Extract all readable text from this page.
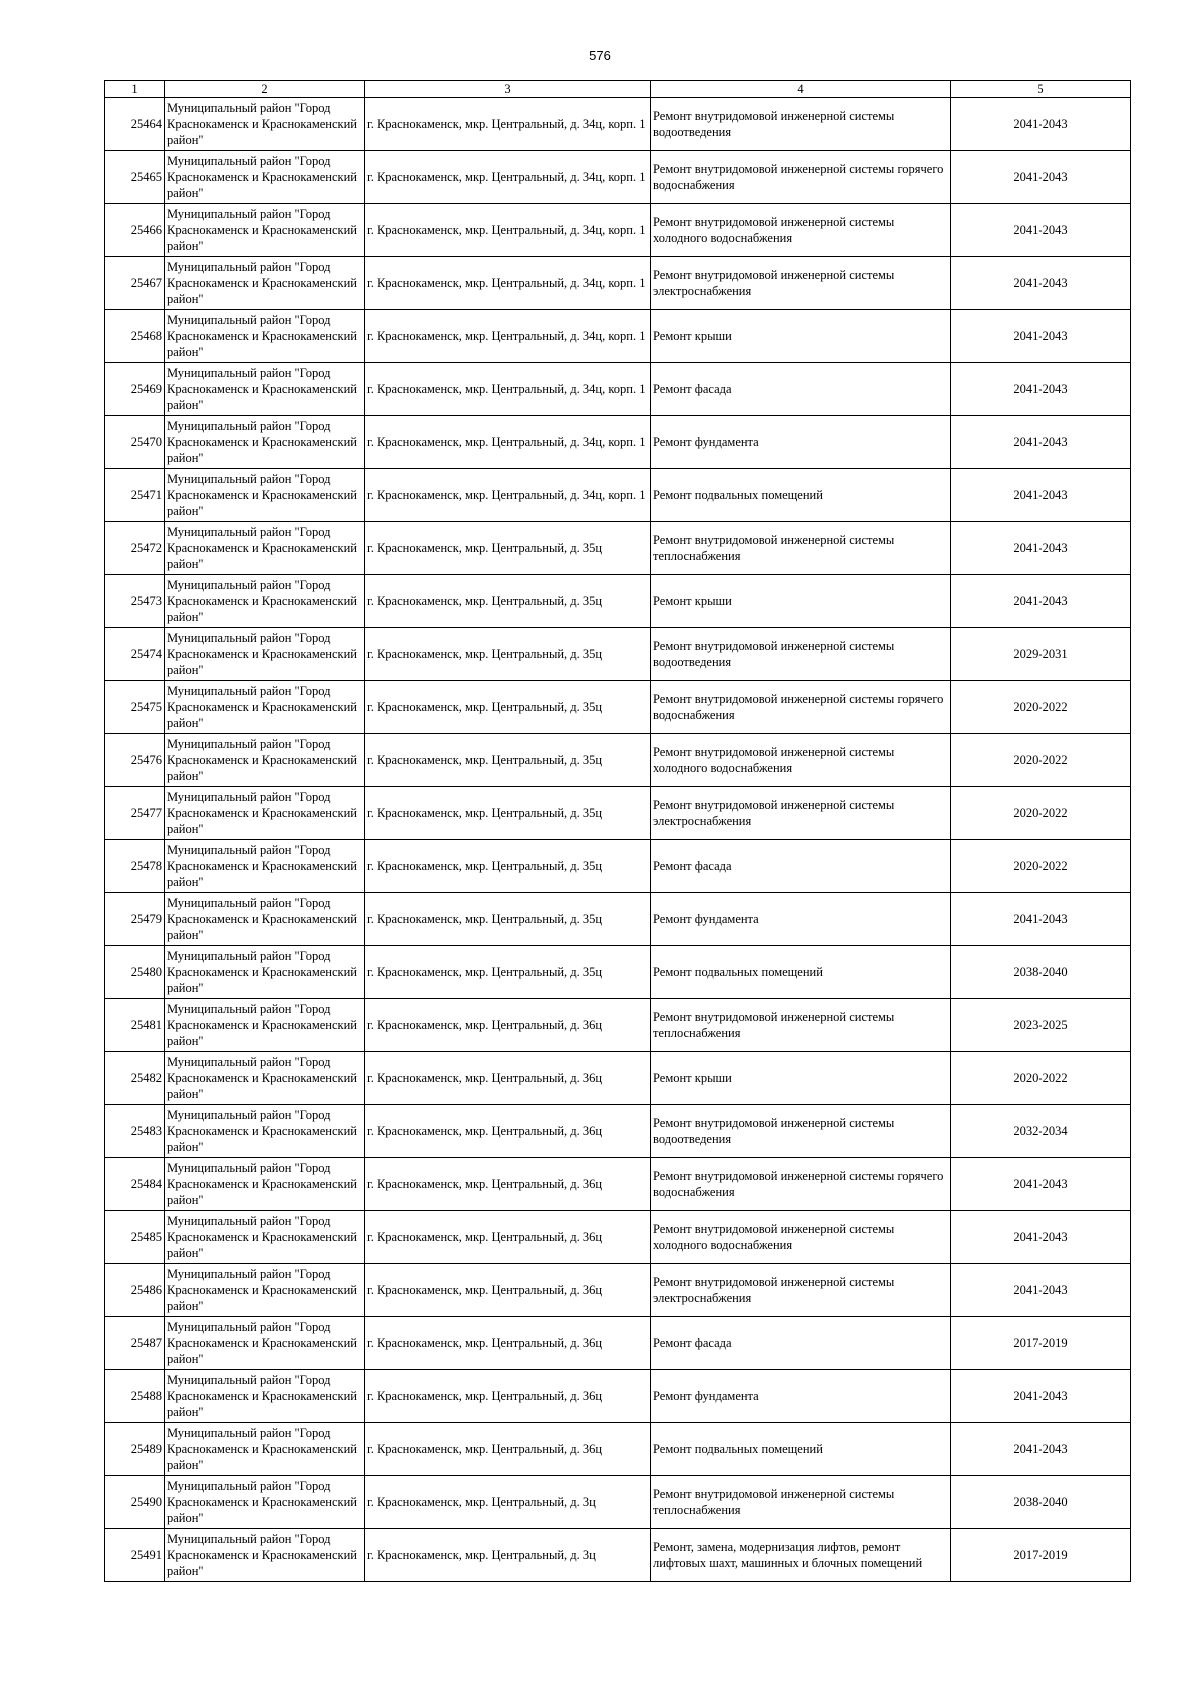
576
1	2	3	4	5
25464	Муниципальный район "Город Краснокаменск и Краснокаменский район"	г. Краснокаменск, мкр. Центральный, д. 34ц, корп. 1	Ремонт внутридомовой инженерной системы водоотведения	2041-2043
25465	Муниципальный район "Город Краснокаменск и Краснокаменский район"	г. Краснокаменск, мкр. Центральный, д. 34ц, корп. 1	Ремонт внутридомовой инженерной системы горячего водоснабжения	2041-2043
25466	Муниципальный район "Город Краснокаменск и Краснокаменский район"	г. Краснокаменск, мкр. Центральный, д. 34ц, корп. 1	Ремонт внутридомовой инженерной системы холодного водоснабжения	2041-2043
25467	Муниципальный район "Город Краснокаменск и Краснокаменский район"	г. Краснокаменск, мкр. Центральный, д. 34ц, корп. 1	Ремонт внутридомовой инженерной системы электроснабжения	2041-2043
25468	Муниципальный район "Город Краснокаменск и Краснокаменский район"	г. Краснокаменск, мкр. Центральный, д. 34ц, корп. 1	Ремонт крыши	2041-2043
25469	Муниципальный район "Город Краснокаменск и Краснокаменский район"	г. Краснокаменск, мкр. Центральный, д. 34ц, корп. 1	Ремонт фасада	2041-2043
25470	Муниципальный район "Город Краснокаменск и Краснокаменский район"	г. Краснокаменск, мкр. Центральный, д. 34ц, корп. 1	Ремонт фундамента	2041-2043
25471	Муниципальный район "Город Краснокаменск и Краснокаменский район"	г. Краснокаменск, мкр. Центральный, д. 34ц, корп. 1	Ремонт подвальных помещений	2041-2043
25472	Муниципальный район "Город Краснокаменск и Краснокаменский район"	г. Краснокаменск, мкр. Центральный, д. 35ц	Ремонт внутридомовой инженерной системы теплоснабжения	2041-2043
25473	Муниципальный район "Город Краснокаменск и Краснокаменский район"	г. Краснокаменск, мкр. Центральный, д. 35ц	Ремонт крыши	2041-2043
25474	Муниципальный район "Город Краснокаменск и Краснокаменский район"	г. Краснокаменск, мкр. Центральный, д. 35ц	Ремонт внутридомовой инженерной системы водоотведения	2029-2031
25475	Муниципальный район "Город Краснокаменск и Краснокаменский район"	г. Краснокаменск, мкр. Центральный, д. 35ц	Ремонт внутридомовой инженерной системы горячего водоснабжения	2020-2022
25476	Муниципальный район "Город Краснокаменск и Краснокаменский район"	г. Краснокаменск, мкр. Центральный, д. 35ц	Ремонт внутридомовой инженерной системы холодного водоснабжения	2020-2022
25477	Муниципальный район "Город Краснокаменск и Краснокаменский район"	г. Краснокаменск, мкр. Центральный, д. 35ц	Ремонт внутридомовой инженерной системы электроснабжения	2020-2022
25478	Муниципальный район "Город Краснокаменск и Краснокаменский район"	г. Краснокаменск, мкр. Центральный, д. 35ц	Ремонт фасада	2020-2022
25479	Муниципальный район "Город Краснокаменск и Краснокаменский район"	г. Краснокаменск, мкр. Центральный, д. 35ц	Ремонт фундамента	2041-2043
25480	Муниципальный район "Город Краснокаменск и Краснокаменский район"	г. Краснокаменск, мкр. Центральный, д. 35ц	Ремонт подвальных помещений	2038-2040
25481	Муниципальный район "Город Краснокаменск и Краснокаменский район"	г. Краснокаменск, мкр. Центральный, д. 36ц	Ремонт внутридомовой инженерной системы теплоснабжения	2023-2025
25482	Муниципальный район "Город Краснокаменск и Краснокаменский район"	г. Краснокаменск, мкр. Центральный, д. 36ц	Ремонт крыши	2020-2022
25483	Муниципальный район "Город Краснокаменск и Краснокаменский район"	г. Краснокаменск, мкр. Центральный, д. 36ц	Ремонт внутридомовой инженерной системы водоотведения	2032-2034
25484	Муниципальный район "Город Краснокаменск и Краснокаменский район"	г. Краснокаменск, мкр. Центральный, д. 36ц	Ремонт внутридомовой инженерной системы горячего водоснабжения	2041-2043
25485	Муниципальный район "Город Краснокаменск и Краснокаменский район"	г. Краснокаменск, мкр. Центральный, д. 36ц	Ремонт внутридомовой инженерной системы холодного водоснабжения	2041-2043
25486	Муниципальный район "Город Краснокаменск и Краснокаменский район"	г. Краснокаменск, мкр. Центральный, д. 36ц	Ремонт внутридомовой инженерной системы электроснабжения	2041-2043
25487	Муниципальный район "Город Краснокаменск и Краснокаменский район"	г. Краснокаменск, мкр. Центральный, д. 36ц	Ремонт фасада	2017-2019
25488	Муниципальный район "Город Краснокаменск и Краснокаменский район"	г. Краснокаменск, мкр. Центральный, д. 36ц	Ремонт фундамента	2041-2043
25489	Муниципальный район "Город Краснокаменск и Краснокаменский район"	г. Краснокаменск, мкр. Центральный, д. 36ц	Ремонт подвальных помещений	2041-2043
25490	Муниципальный район "Город Краснокаменск и Краснокаменский район"	г. Краснокаменск, мкр. Центральный, д. 3ц	Ремонт внутридомовой инженерной системы теплоснабжения	2038-2040
25491	Муниципальный район "Город Краснокаменск и Краснокаменский район"	г. Краснокаменск, мкр. Центральный, д. 3ц	Ремонт, замена, модернизация лифтов, ремонт лифтовых шахт, машинных и блочных помещений	2017-2019
